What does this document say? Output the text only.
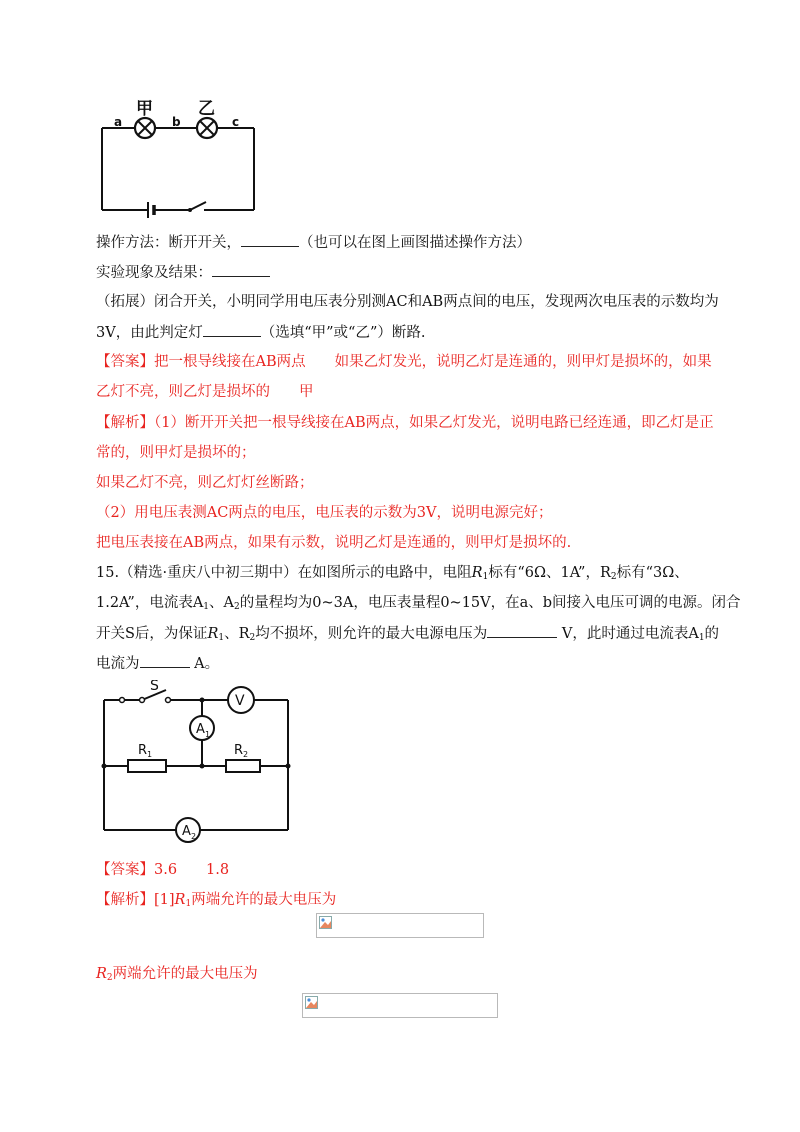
甲	乙
a	b	c
操作方法：断开开关，	（也可以在图上画图描述操作方法）
实验现象及结果：
（拓展）闭合开关，小明同学用电压表分别测AC和AB两点间的电压，发现两次电压表的示数均为
3V，由此判定灯	（选填“甲”或“乙”）断路.
【答案】把一根导线接在AB两点　　如果乙灯发光，说明乙灯是连通的，则甲灯是损坏的，如果
乙灯不亮，则乙灯是损坏的　　甲
【解析】（1）断开开关把一根导线接在AB两点，如果乙灯发光，说明电路已经连通，即乙灯是正
常的，则甲灯是损坏的；
如果乙灯不亮，则乙灯灯丝断路；
（2）用电压表测AC两点的电压，电压表的示数为3V，说明电源完好；
把电压表接在AB两点，如果有示数，说明乙灯是连通的，则甲灯是损坏的.
15.（精选·重庆八中初三期中）在如图所示的电路中，电阻$R_1$标有“6Ω、1A”，$R_2$标有“3Ω、
1.2A”，电流表$A_1$、$A_2$的量程均为0~3A，电压表量程0~15V，在a、b间接入电压可调的电源。闭合
开关S后，为保证$R_1$、$R_2$均不损坏，则允许的最大电源电压为	V，此时通过电流表$A_1$的
电流为	A。
V
A 1
A 2
S
R 1	R 2
【答案】3.6　　1.8
【解析】$[1]R_1$两端允许的最大电压为
$R_2$两端允许的最大电压为
